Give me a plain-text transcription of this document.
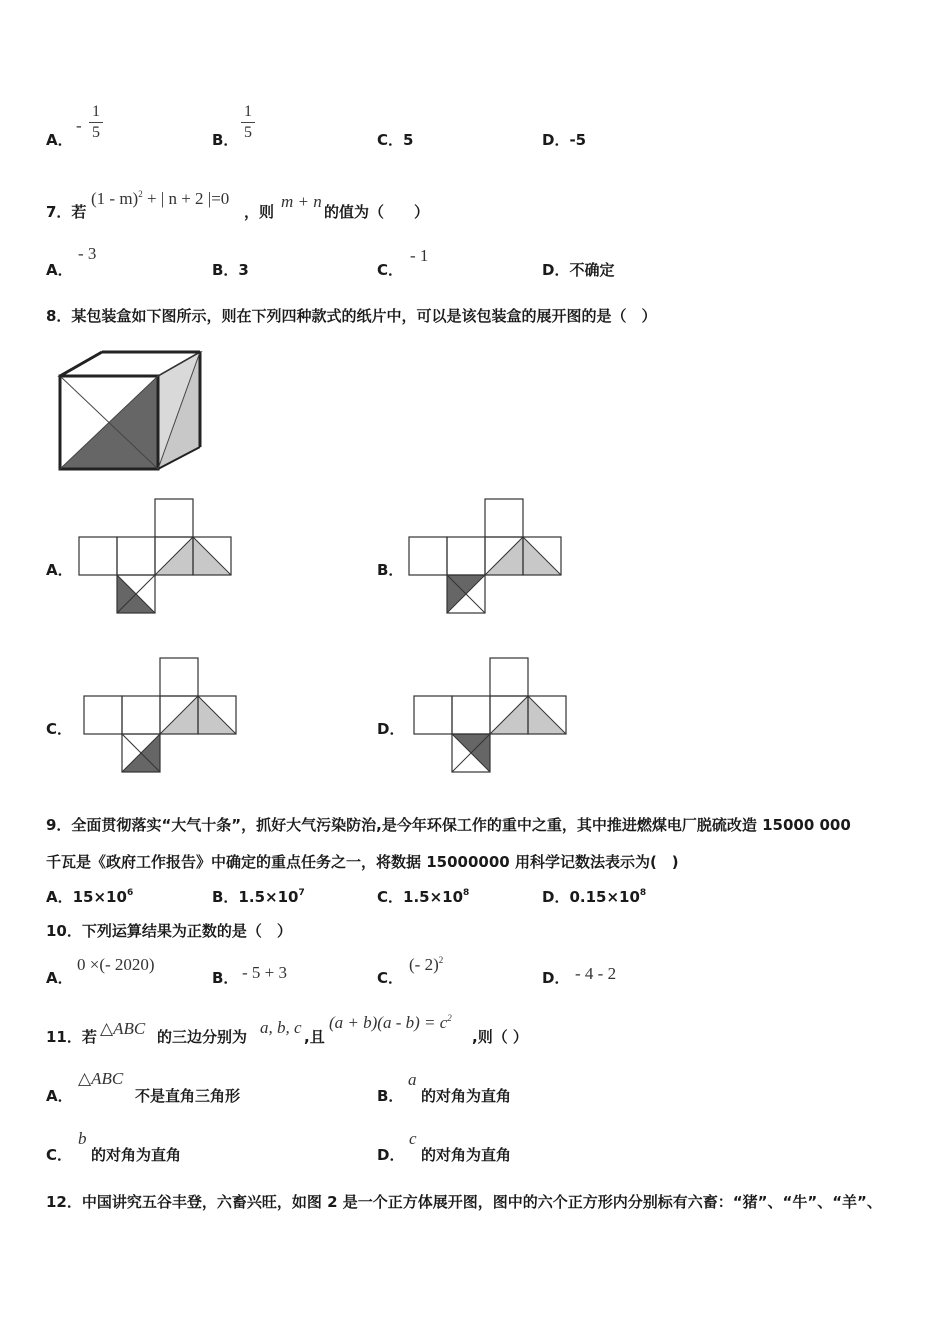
A．
-
1
5	B．
1
5	C．5	D．-5
7．若
(1 - m)$^2$ + | n + 2 |=0
，则
m + n
的值为（　　）
A．
- 3
B．3	C．
- 1
D．不确定
8．某包装盒如下图所示，则在下列四种款式的纸片中，可以是该包装盒的展开图的是（　）
A．	B．
C．	D．
9．全面贯彻落实“大气十条”，抓好大气污染防治,是今年环保工作的重中之重，其中推进燃煤电厂脱硫改造 15000 000
千瓦是《政府工作报告》中确定的重点任务之一，将数据 15000000 用科学记数法表示为(　)
A．$15\times 10^6$	B．$1.5\times 10^7$	C．$1.5\times 10^8$	D．$0.15\times 10^8$
10．下列运算结果为正数的是（　）
A．
0 ×(- 2020)
B． - 5 + 3	C．
(- 2)$^2$
D． - 4 - 2
11．若 △ABC 的三边分别为 a, b, c ,且
$(a + b)(a - b) = c^2$
,则（ ）
A．
△ABC
不是直角三角形	B．
a
的对角为直角
C．
b
的对角为直角	D．
c
的对角为直角
12．中国讲究五谷丰登，六畜兴旺，如图 2 是一个正方体展开图，图中的六个正方形内分别标有六畜：“猪”、“牛”、“羊”、
